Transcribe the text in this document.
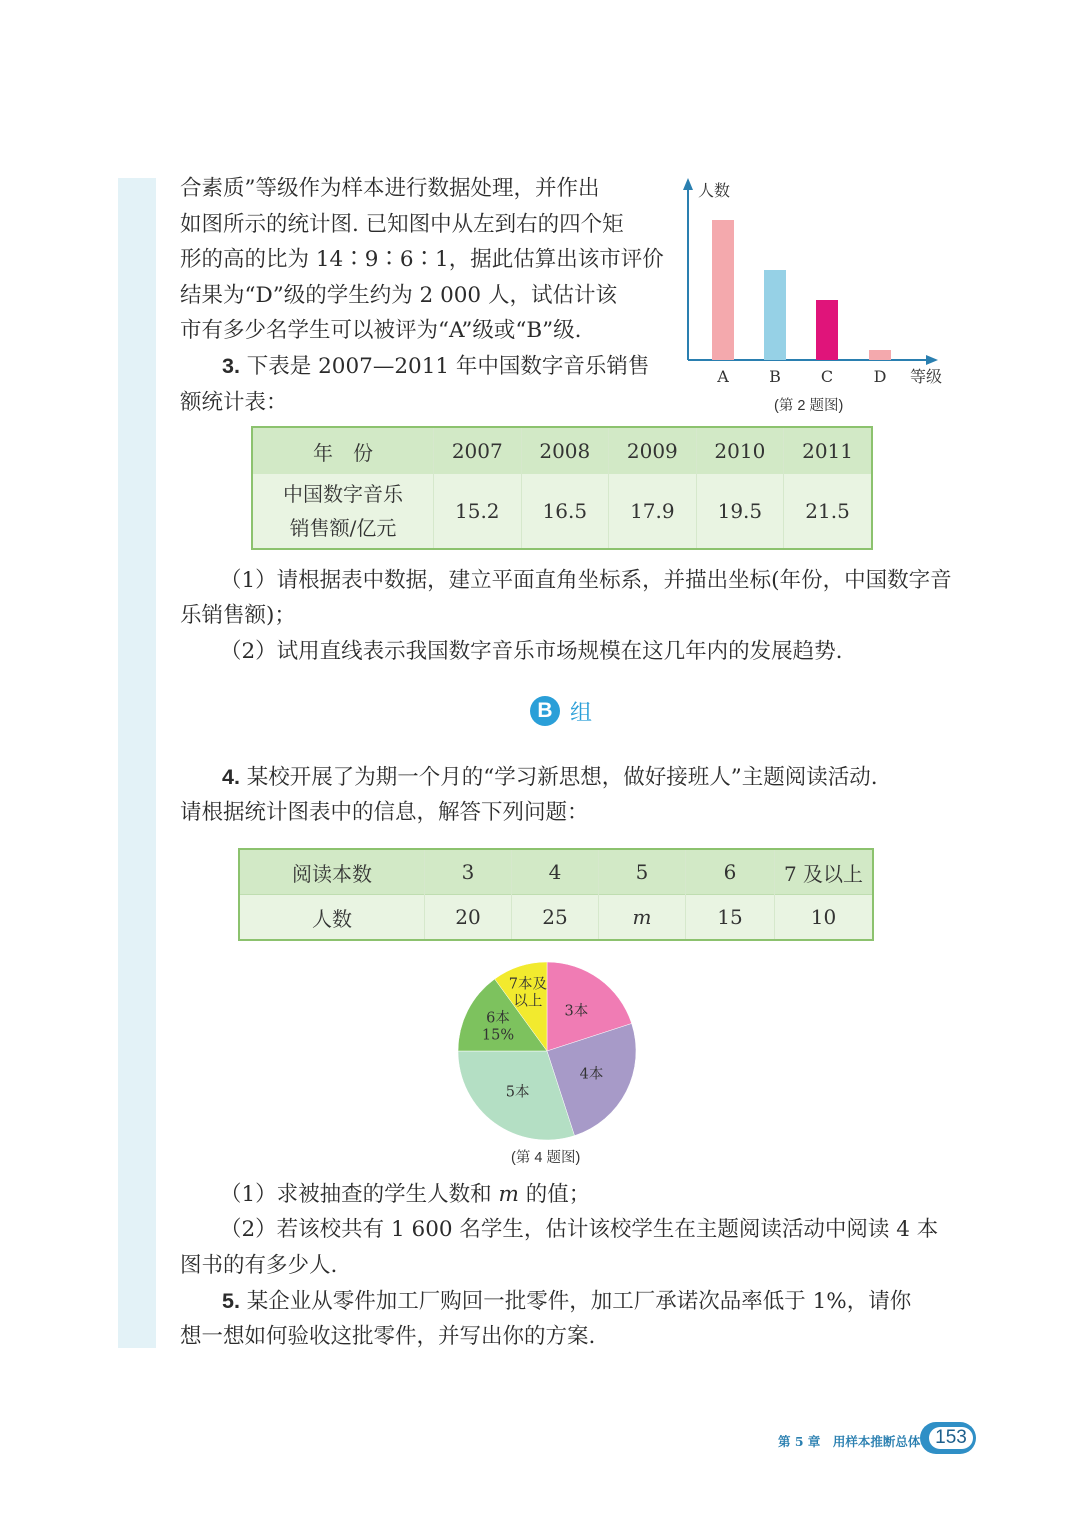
合素质”等级作为样本进行数据处理，并作出

如图所示的统计图. 已知图中从左到右的四个矩

形的高的比为 14∶9∶6∶1，据此估算出该市评价

结果为“D”级的学生约为 2 000 人，试估计该

市有多少名学生可以被评为“A”级或“B”级.

3. 下表是 2007—2011 年中国数字音乐销售

额统计表：

人数
等级
A	B C	D
(第 2 题图)
年　份	2007	2008	2009	2010	2011

中国数字音乐
销售额/亿元	15.2	16.5	17.9	19.5	21.5

（1）请根据表中数据，建立平面直角坐标系，并描出坐标(年份，中国数字音

乐销售额)；

（2）试用直线表示我国数字音乐市场规模在这几年内的发展趋势.

B 组

4. 某校开展了为期一个月的“学习新思想，做好接班人”主题阅读活动.

请根据统计图表中的信息，解答下列问题：

阅读本数	3	4	5	6	7 及以上
人数	20	25	m	15	10
3本
4本
5本
6本 15%
7本及以上
(第 4 题图)

（1）求被抽查的学生人数和 m 的值；

（2）若该校共有 1 600 名学生，估计该校学生在主题阅读活动中阅读 4 本

图书的有多少人.

5. 某企业从零件加工厂购回一批零件，加工厂承诺次品率低于 1%，请你

想一想如何验收这批零件，并写出你的方案.

第 5 章　用样本推断总体 153
